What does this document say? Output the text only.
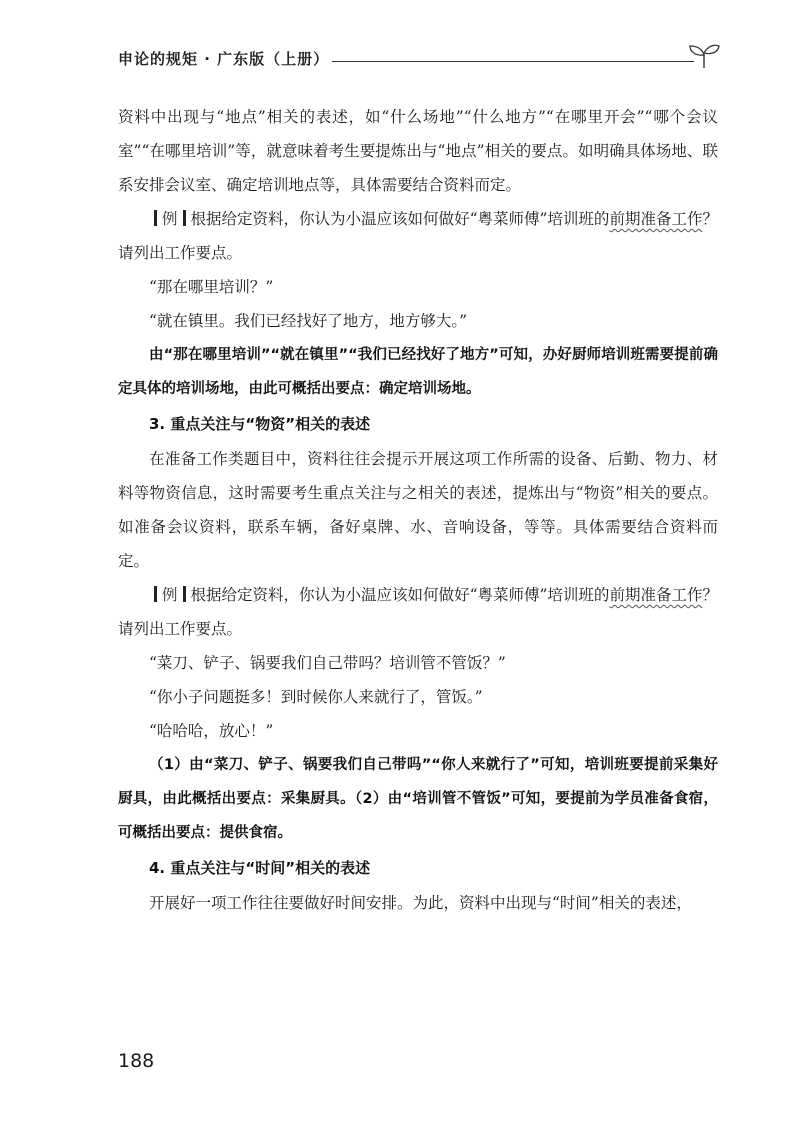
申论的规矩 · 广东版（上册）

资料中出现与“地点”相关的表述，如“什么场地”“什么地方”“在哪里开会”“哪个会议室”“在哪里培训”等，就意味着考生要提炼出与“地点”相关的要点。如明确具体场地、联系安排会议室、确定培训地点等，具体需要结合资料而定。

例 根据给定资料，你认为小温应该如何做好“粤菜师傅”培训班的前期准备工作？请列出工作要点。

“那在哪里培训？”

“就在镇里。我们已经找好了地方，地方够大。”

由“那在哪里培训”“就在镇里”“我们已经找好了地方”可知，办好厨师培训班需要提前确定具体的培训场地，由此可概括出要点：确定培训场地。

3. 重点关注与“物资”相关的表述

在准备工作类题目中，资料往往会提示开展这项工作所需的设备、后勤、物力、材料等物资信息，这时需要考生重点关注与之相关的表述，提炼出与“物资”相关的要点。如准备会议资料，联系车辆，备好桌牌、水、音响设备，等等。具体需要结合资料而定。

例 根据给定资料，你认为小温应该如何做好“粤菜师傅”培训班的前期准备工作？请列出工作要点。

“菜刀、铲子、锅要我们自己带吗？培训管不管饭？”

“你小子问题挺多！到时候你人来就行了，管饭。”

“哈哈哈，放心！”

（1）由“菜刀、铲子、锅要我们自己带吗”“你人来就行了”可知，培训班要提前采集好厨具，由此概括出要点：采集厨具。（2）由“培训管不管饭”可知，要提前为学员准备食宿，可概括出要点：提供食宿。

4. 重点关注与“时间”相关的表述

开展好一项工作往往要做好时间安排。为此，资料中出现与“时间”相关的表述，

188
